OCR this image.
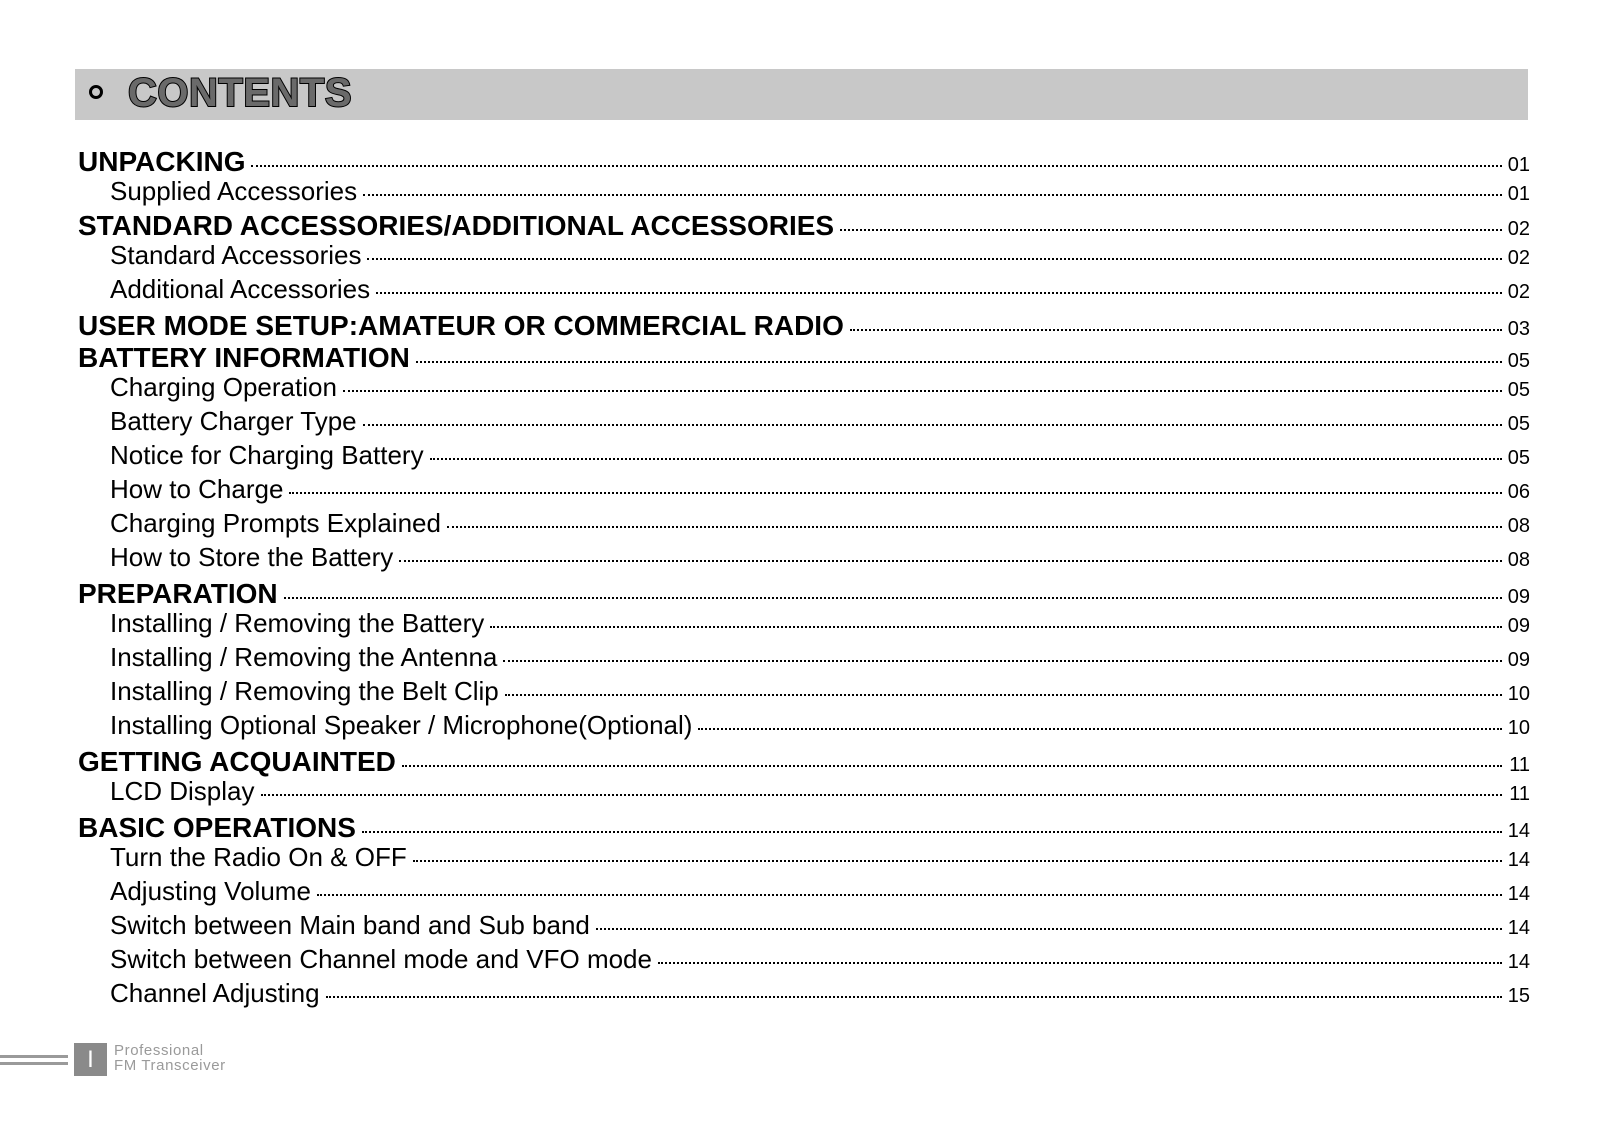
CONTENTS
UNPACKING	01
Supplied Accessories	01
STANDARD ACCESSORIES/ADDITIONAL ACCESSORIES	02
Standard Accessories	02
Additional Accessories	02
USER MODE SETUP:AMATEUR OR COMMERCIAL RADIO	03
BATTERY INFORMATION	05
Charging Operation	05
Battery Charger Type	05
Notice for Charging Battery	05
How to Charge	06
Charging Prompts Explained	08
How to Store the Battery	08
PREPARATION	09
Installing / Removing the Battery	09
Installing / Removing the Antenna	09
Installing / Removing the Belt Clip	10
Installing Optional Speaker / Microphone(Optional)	10
GETTING ACQUAINTED	11
LCD Display	11
BASIC OPERATIONS	14
Turn the Radio On & OFF	14
Adjusting Volume	14
Switch between Main band and Sub band	14
Switch between Channel mode and VFO mode	14
Channel Adjusting	15
I	Professional
FM Transceiver
